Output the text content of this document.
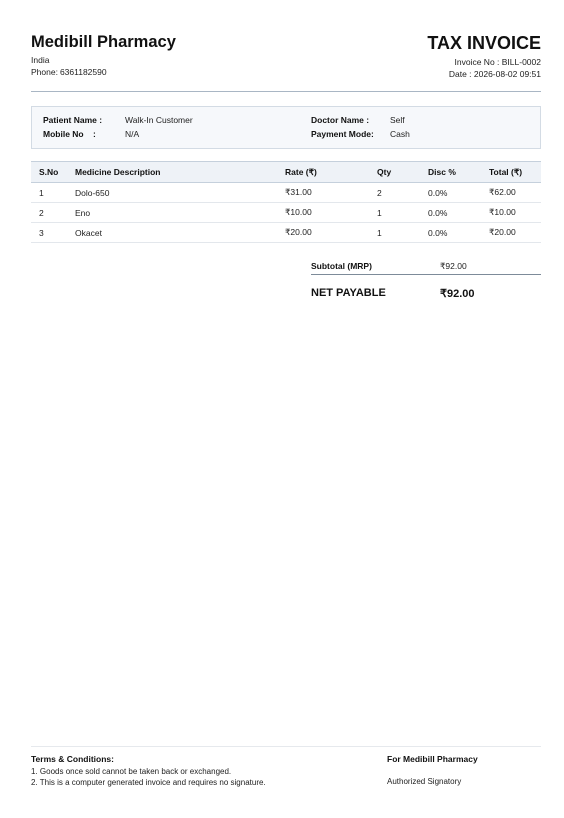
Medibill Pharmacy
India
Phone: 6361182590
TAX INVOICE
Invoice No : BILL-0002
Date : 2026-08-02 09:51
Patient Name :	Walk-In Customer
Mobile No    :	N/A
Doctor Name : Self
Payment Mode: Cash
S.No	Medicine Description	Rate (₹)	Qty	Disc %	Total (₹)
1	Dolo-650	₹31.00	2	0.0%	₹62.00
2	Eno	₹10.00	1	0.0%	₹10.00
3	Okacet	₹20.00	1	0.0%	₹20.00
Subtotal (MRP)	₹92.00
NET PAYABLE	₹92.00
Terms & Conditions:
1. Goods once sold cannot be taken back or exchanged.
2. This is a computer generated invoice and requires no signature.
For Medibill Pharmacy
Authorized Signatory
